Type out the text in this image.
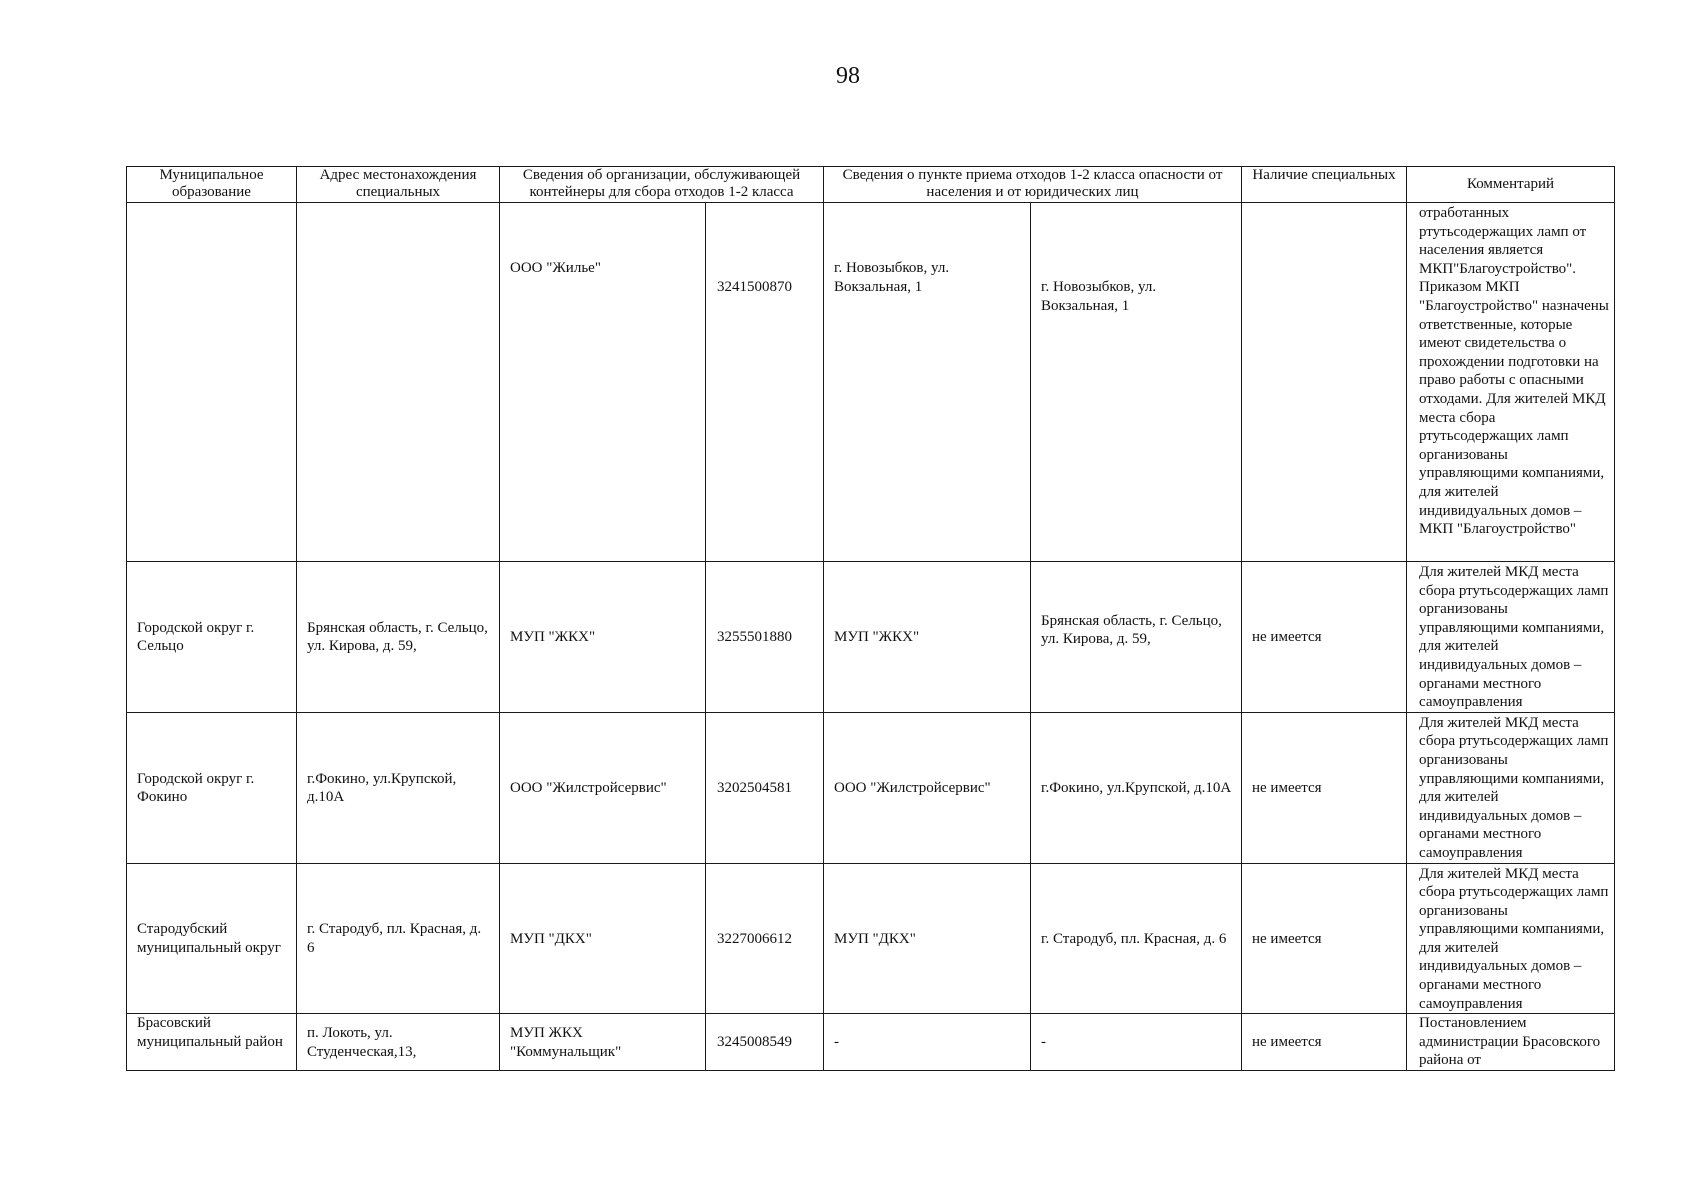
98
Муниципальное образование	Адрес местонахождения специальных	Сведения об организации, обслуживающей контейнеры для сбора отходов 1-2 класса		Сведения о пункте приема отходов 1-2 класса опасности от населения и от юридических лиц		Наличие специальных	Комментарий
		ООО "Жилье"	3241500870	г. Новозыбков, ул. Вокзальная, 1	г. Новозыбков, ул. Вокзальная, 1		отработанных ртутьсодержащих ламп от населения является МКП"Благоустройство". Приказом МКП "Благоустройство" назначены ответственные, которые имеют свидетельства о прохождении подготовки на право работы с опасными отходами. Для жителей МКД места сбора ртутьсодержащих ламп организованы управляющими компаниями, для жителей индивидуальных домов – МКП "Благоустройство"
Городской округ г. Сельцо	Брянская область, г. Сельцо, ул. Кирова, д. 59,	МУП "ЖКХ"	3255501880	МУП "ЖКХ"	Брянская область, г. Сельцо, ул. Кирова, д. 59,	не имеется	Для жителей МКД места сбора ртутьсодержащих ламп организованы управляющими компаниями, для жителей индивидуальных домов – органами местного самоуправления
Городской округ г. Фокино	г.Фокино, ул.Крупской, д.10А	ООО "Жилстройсервис"	3202504581	ООО "Жилстройсервис"	г.Фокино, ул.Крупской, д.10А	не имеется	Для жителей МКД места сбора ртутьсодержащих ламп организованы управляющими компаниями, для жителей индивидуальных домов – органами местного самоуправления
Стародубский муниципальный округ	г. Стародуб, пл. Красная, д. 6	МУП "ДКХ"	3227006612	МУП "ДКХ"	г. Стародуб, пл. Красная, д. 6	не имеется	Для жителей МКД места сбора ртутьсодержащих ламп организованы управляющими компаниями, для жителей индивидуальных домов – органами местного самоуправления
Брасовский муниципальный район	п. Локоть, ул. Студенческая,13,	МУП ЖКХ "Коммунальщик"	3245008549	-	-	не имеется	Постановлением администрации Брасовского района от
